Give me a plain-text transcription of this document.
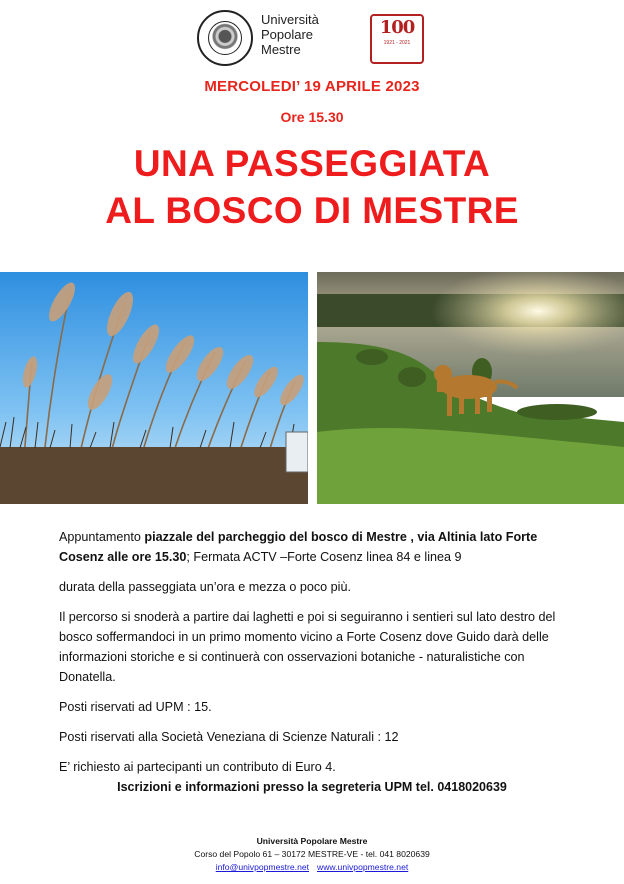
Università
Popolare
Mestre
100
1921 - 2021
MERCOLEDI’ 19 APRILE 2023
Ore 15.30
UNA PASSEGGIATA
AL BOSCO DI MESTRE

Appuntamento piazzale del parcheggio del bosco di Mestre , via Altinia lato Forte Cosenz alle ore 15.30; Fermata ACTV –Forte Cosenz linea 84 e linea 9

durata della passeggiata un’ora e mezza o poco più.

Il percorso si snoderà a partire dai laghetti e poi si seguiranno i sentieri sul lato destro del bosco soffermandoci in un primo momento vicino a Forte Cosenz dove Guido darà delle informazioni storiche e si continuerà con osservazioni botaniche - naturalistiche con Donatella.

Posti riservati ad UPM : 15.

Posti riservati alla Società Veneziana di Scienze Naturali : 12

E’ richiesto ai partecipanti un contributo di Euro 4.

Iscrizioni e informazioni presso la segreteria UPM tel. 0418020639
Università Popolare Mestre
Corso del Popolo 61 – 30172 MESTRE-VE - tel. 041 8020639
info@univpopmestre.net www.univpopmestre.net
